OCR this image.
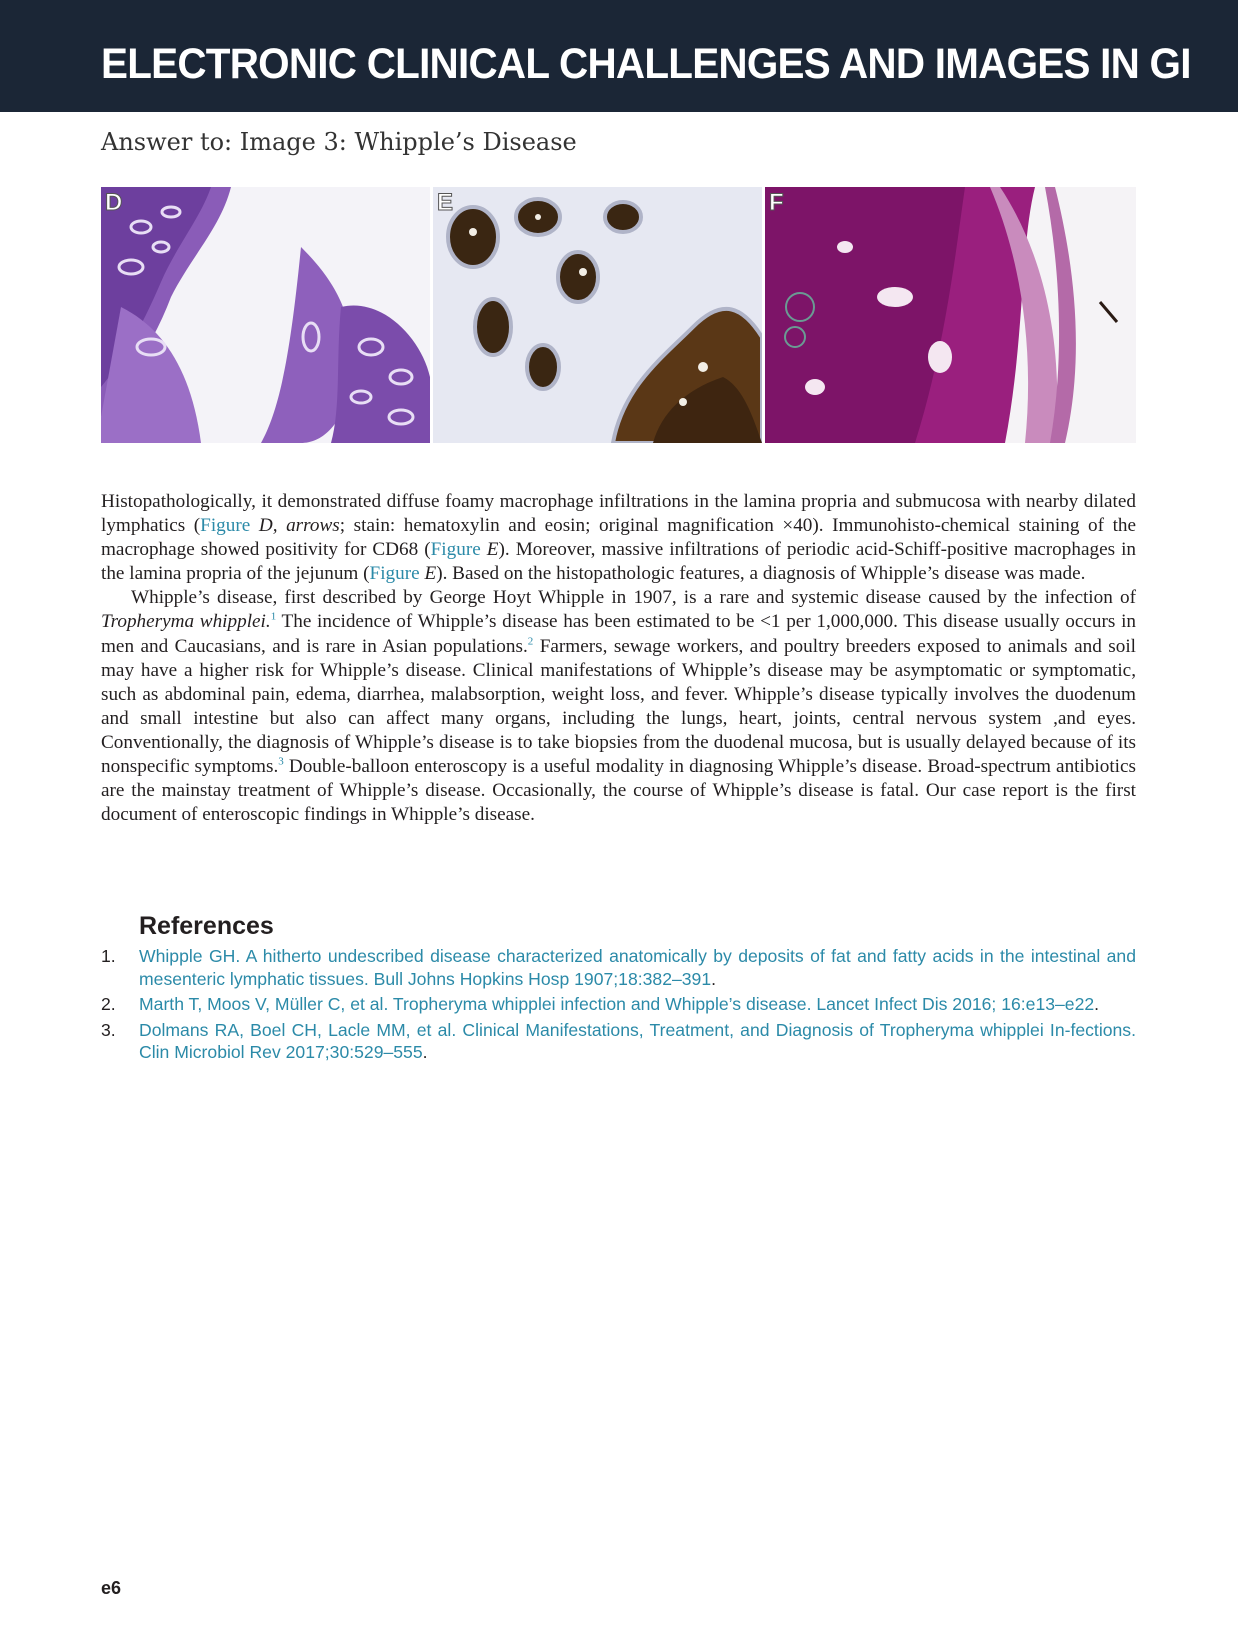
ELECTRONIC CLINICAL CHALLENGES AND IMAGES IN GI
Answer to: Image 3: Whipple’s Disease
D	E	F

Histopathologically, it demonstrated diffuse foamy macrophage infiltrations in the lamina propria and submucosa with nearby dilated lymphatics (Figure D, arrows; stain: hematoxylin and eosin; original magnification ×40). Immunohisto-chemical staining of the macrophage showed positivity for CD68 (Figure E). Moreover, massive infiltrations of periodic acid-Schiff-positive macrophages in the lamina propria of the jejunum (Figure E). Based on the histopathologic features, a diagnosis of Whipple’s disease was made.

Whipple’s disease, first described by George Hoyt Whipple in 1907, is a rare and systemic disease caused by the infection of Tropheryma whipplei.$^1$ The incidence of Whipple’s disease has been estimated to be <1 per 1,000,000. This disease usually occurs in men and Caucasians, and is rare in Asian populations.$^2$ Farmers, sewage workers, and poultry breeders exposed to animals and soil may have a higher risk for Whipple’s disease. Clinical manifestations of Whipple’s disease may be asymptomatic or symptomatic, such as abdominal pain, edema, diarrhea, malabsorption, weight loss, and fever. Whipple’s disease typically involves the duodenum and small intestine but also can affect many organs, including the lungs, heart, joints, central nervous system ,and eyes. Conventionally, the diagnosis of Whipple’s disease is to take biopsies from the duodenal mucosa, but is usually delayed because of its nonspecific symptoms.$^3$ Double-balloon enteroscopy is a useful modality in diagnosing Whipple’s disease. Broad-spectrum antibiotics are the mainstay treatment of Whipple’s disease. Occasionally, the course of Whipple’s disease is fatal. Our case report is the first document of enteroscopic findings in Whipple’s disease.

References
1. Whipple GH. A hitherto undescribed disease characterized anatomically by deposits of fat and fatty acids in the intestinal and mesenteric lymphatic tissues. Bull Johns Hopkins Hosp 1907;18:382–391.
2. Marth T, Moos V, Müller C, et al. Tropheryma whipplei infection and Whipple’s disease. Lancet Infect Dis 2016; 16:e13–e22.
3. Dolmans RA, Boel CH, Lacle MM, et al. Clinical Manifestations, Treatment, and Diagnosis of Tropheryma whipplei In-fections. Clin Microbiol Rev 2017;30:529–555.
e6
